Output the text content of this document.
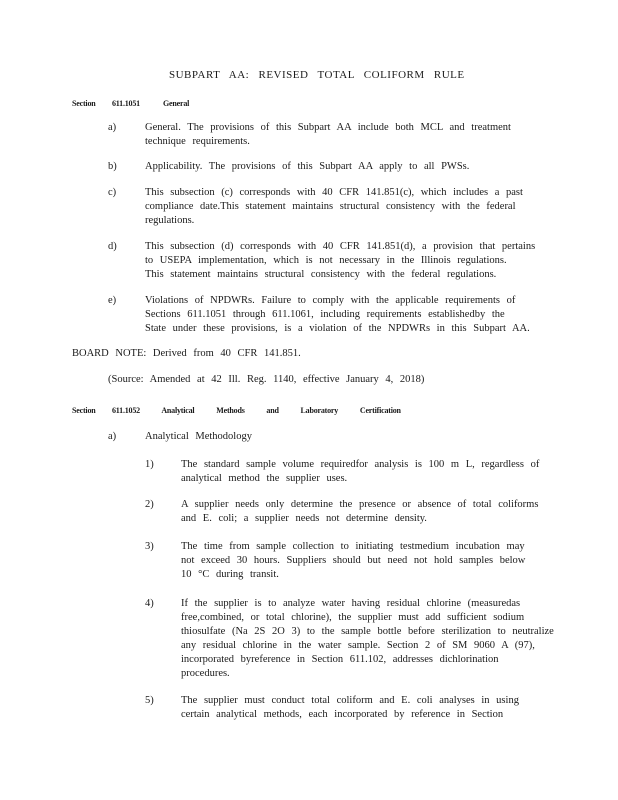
SUBPART AA: REVISED TOTAL COLIFORM RULE
Section 611.1051	General
a)	General. The provisions of this Subpart AA include both MCL and treatment
technique requirements.
b)	Applicability. The provisions of this Subpart AA apply to all PWSs.
c)	This subsection (c) corresponds with 40 CFR 141.851(c), which includes a past
compliance date.This statement maintains structural consistency with the federal
regulations.
d)	This subsection (d) corresponds with 40 CFR 141.851(d), a provision that pertains
to USEPA implementation, which is not necessary in the Illinois regulations.
This statement maintains structural consistency with the federal regulations.
e)	Violations of NPDWRs. Failure to comply with the applicable requirements of
Sections 611.1051 through 611.1061, including requirements establishedby the
State under these provisions, is a violation of the NPDWRs in this Subpart AA.
BOARD NOTE: Derived from 40 CFR 141.851.
(Source: Amended at 42 Ill. Reg. 1140, effective January 4, 2018)
Section 611.1052	Analytical Methods and Laboratory Certification
a)	Analytical Methodology
1)	The standard sample volume requiredfor analysis is 100 m L, regardless of
analytical method the supplier uses.
2)	A supplier needs only determine the presence or absence of total coliforms
and E. coli; a supplier needs not determine density.
3)	The time from sample collection to initiating testmedium incubation may
not exceed 30 hours. Suppliers should but need not hold samples below
10 °C during transit.
4)	If the supplier is to analyze water having residual chlorine (measuredas
free,combined, or total chlorine), the supplier must add sufficient sodium
thiosulfate (Na 2S 2O 3) to the sample bottle before sterilization to neutralize
any residual chlorine in the water sample. Section 2 of SM 9060 A (97),
incorporated byreference in Section 611.102, addresses dichlorination
procedures.
5)	The supplier must conduct total coliform and E. coli analyses in using
certain analytical methods, each incorporated by reference in Section
